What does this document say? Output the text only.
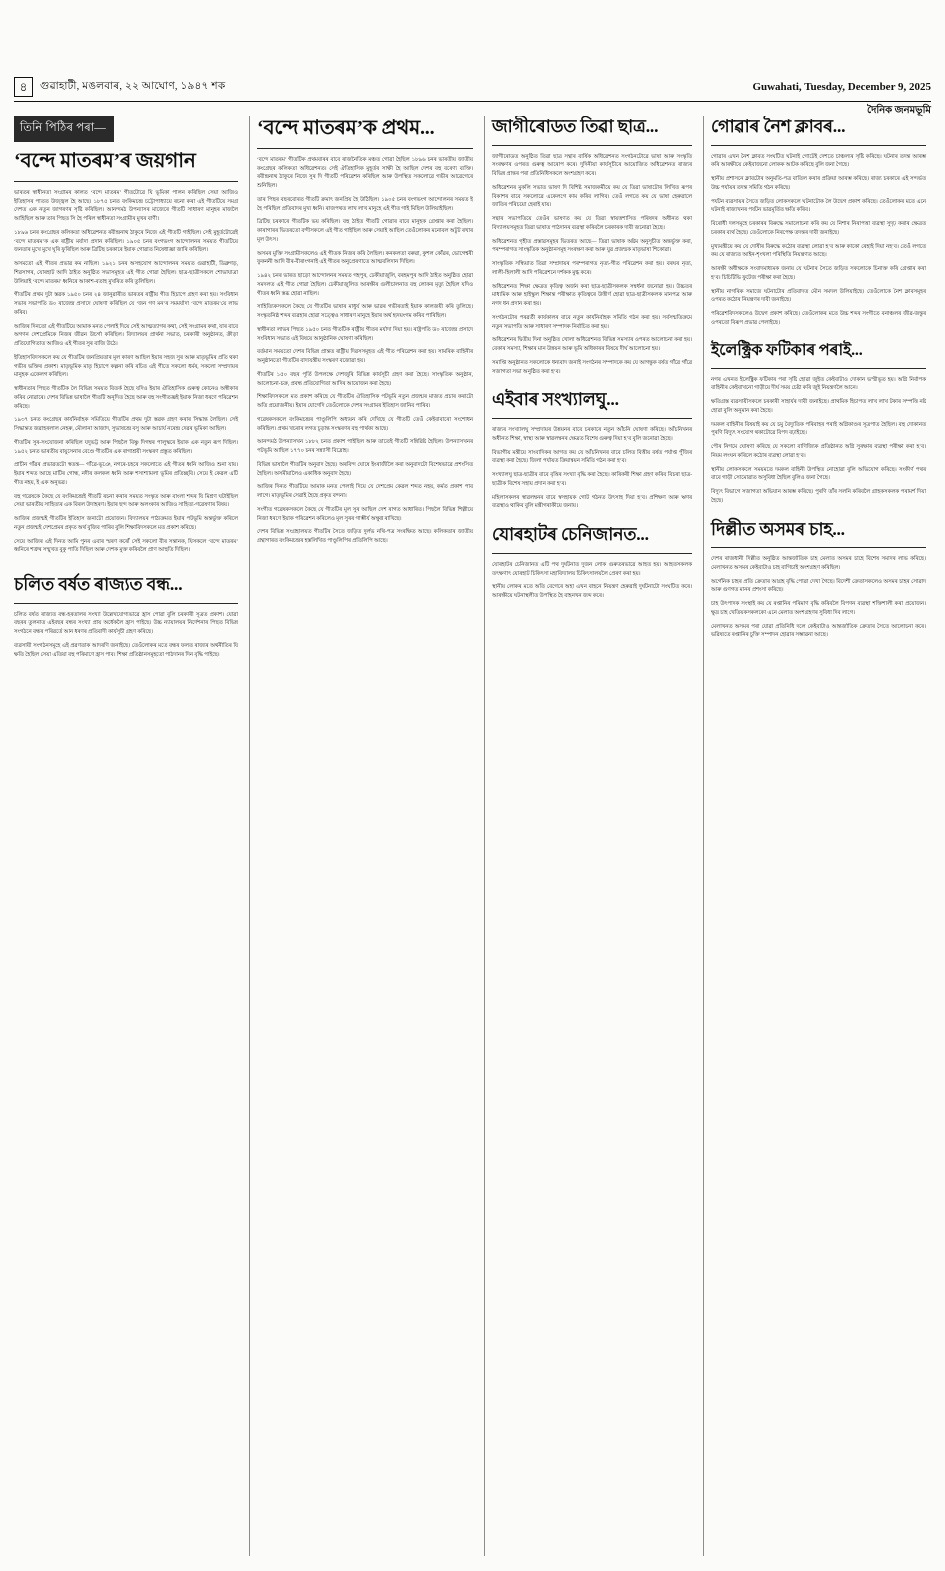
৪	গুৱাহাটী, মঙলবাৰ, ২২ আঘোণ, ১৯৪৭ শক	Guwahati, Tuesday, December 9, 2025
দৈনিক জনমভূমি
তিনি পিঠিৰ পৰা—
‘বন্দে মাতৰম’ৰ জয়গান

ভাৰতৰ স্বাধীনতা সংগ্ৰামৰ কালত ‘বন্দে মাতৰম’ গীতটোৱে যি ভূমিকা পালন কৰিছিল সেয়া আজিও ইতিহাসৰ পাতত উজ্জ্বল হৈ আছে। ১৮৭৫ চনত বংকিমচন্দ্ৰ চট্টোপাধ্যায়ে ৰচনা কৰা এই গীতটিয়ে সমগ্ৰ দেশত এক নতুন জাগৰণৰ সৃষ্টি কৰিছিল। আনন্দমঠ উপন্যাসৰ মাজেৰে গীতটি সাধাৰণ মানুহৰ মাজলৈ আহিছিল আৰু তাৰ পিছত সি হৈ পৰিল স্বাধীনতা সংগ্ৰামীৰ মুখৰ বাণী।

১৮৯৬ চনৰ কংগ্ৰেছৰ কলিকতা অধিৱেশনত ৰবীন্দ্ৰনাথ ঠাকুৰে নিজে এই গীতটি গাইছিল। সেই মুহূৰ্তটোৱেই ‘বন্দে মাতৰম’ক এক ৰাষ্ট্ৰীয় মৰ্যাদা প্ৰদান কৰিছিল। ১৯০৫ চনৰ বংগভংগ আন্দোলনৰ সময়ত গীতটিয়ে জনতাৰ মুখে মুখে ঘূৰি ফুৰিছিল আৰু ব্ৰিটিছ চৰকাৰে ইয়াক গোৱাত নিষেধাজ্ঞা জাৰি কৰিছিল।

অসমতো এই গীতৰ প্ৰভাৱ কম নাছিল। ১৯২১ চনৰ অসহযোগ আন্দোলনৰ সময়ত গুৱাহাটী, ডিব্ৰুগড়, শিৱসাগৰ, যোৰহাট আদি ঠাইত অনুষ্ঠিত সভাসমূহত এই গীত গোৱা হৈছিল। ছাত্ৰ-ছাত্ৰীসকলে শোভাযাত্ৰা উলিয়াই ‘বন্দে মাতৰম’ ধ্বনিৰে আকাশ-বতাহ মুখৰিত কৰি তুলিছিল।

গীতটিৰ প্ৰথম দুটা স্তৱক ১৯৫০ চনৰ ২৪ জানুৱাৰীত ভাৰতৰ ৰাষ্ট্ৰীয় গীত হিচাপে গ্ৰহণ কৰা হয়। সংবিধান সভাৰ সভাপতি ড০ ৰাজেন্দ্ৰ প্ৰসাদে ঘোষণা কৰিছিল যে ‘জন গণ মন’ৰ সমমৰ্যাদা ‘বন্দে মাতৰম’য়ে লাভ কৰিব।

আজিৰ দিনতো এই গীতটিয়ে আমাক মনত পেলাই দিয়ে সেই আত্মত্যাগৰ কথা, সেই সংগ্ৰামৰ কথা, যাৰ বাবে অগণন দেশপ্ৰেমিকে নিজৰ জীৱন উচৰ্গা কৰিছিল। বিদ্যালয়ৰ প্ৰাৰ্থনা সভাত, চৰকাৰী অনুষ্ঠানত, ক্ৰীড়া প্ৰতিযোগিতাত আজিও এই গীতৰ সুৰ বাজি উঠে।

ইতিহাসবিদসকলে কয় যে গীতটিৰ জনপ্ৰিয়তাৰ মূল কাৰণ আছিল ইয়াৰ সহজ সুৰ আৰু মাতৃভূমিৰ প্ৰতি থকা গভীৰ ভক্তিৰ প্ৰকাশ। মাতৃভূমিক মাতৃ হিচাপে কল্পনা কৰি ৰচিত এই গীতে সকলো ধৰ্মৰ, সকলো সম্প্ৰদায়ৰ মানুহক একেলগ কৰিছিল।

স্বাধীনতাৰ পিছত গীতটিক লৈ বিভিন্ন সময়ত বিতৰ্ক হৈছে যদিও ইয়াৰ ঐতিহাসিক গুৰুত্ব কোনেও অস্বীকাৰ কৰিব নোৱাৰে। দেশৰ বিভিন্ন ভাষালৈ গীতটি অনূদিত হৈছে আৰু বহু সংগীতজ্ঞই ইয়াক নিজা ধৰণে পৰিৱেশন কৰিছে।

১৯৩৭ চনত কংগ্ৰেছৰ কাৰ্যনিৰ্বাহক সমিতিয়ে গীতটিৰ প্ৰথম দুটা স্তৱক গ্ৰহণ কৰাৰ সিদ্ধান্ত লৈছিল। সেই সিদ্ধান্তত জৱাহৰলাল নেহৰু, মৌলানা আজাদ, সুভাষচন্দ্ৰ বসু আৰু আচাৰ্য নৰেন্দ্ৰ দেৱৰ ভূমিকা আছিল।

গীতটিৰ সুৰ-সংযোজনা কৰিছিল যদুভট্ট আৰু পিছলৈ বিষ্ণু দিগম্বৰ পালুস্কৰে ইয়াক এক নতুন ৰূপ দিছিল। ১৯৫২ চনত ভাৰতীয় বায়ুসেনাৰ বেণ্ডে গীতটিৰ এক ৰাগাশ্ৰয়ী সংস্কৰণ প্ৰস্তুত কৰিছিল।

প্ৰাচীন গাঁৱৰ প্ৰভাৱতটো স্বতন্ত্ৰ— গাঁৱে-ভূঞে, নগৰে-চহৰে সকলোতে এই গীতৰ ধ্বনি আজিও শুনা যায়। ইয়াৰ শব্দত আছে মাটিৰ গোন্ধ, নদীৰ কলকল ধ্বনি আৰু শস্যশ্যামলা ভূমিৰ প্ৰতিচ্ছবি। সেয়ে ই কেৱল এটি গীত নহয়, ই এক অনুভৱ।

বহু গৱেষকে কৈছে যে বংকিমচন্দ্ৰই গীতটি ৰচনা কৰাৰ সময়ত সংস্কৃত আৰু বাংলা শব্দৰ যি মিশ্ৰণ ঘটাইছিল সেয়া ভাৰতীয় সাহিত্যৰ এক বিৰল উদাহৰণ। ইয়াৰ ছন্দ আৰু অলংকাৰ আজিও সাহিত্য-গৱেষণাৰ বিষয়।

আজিৰ প্ৰজন্মই গীতটিৰ ইতিহাস জনাটো প্ৰয়োজন। বিদ্যালয়ৰ পাঠ্যক্ৰমত ইয়াৰ পটভূমি অন্তৰ্ভুক্ত কৰিলে নতুন প্ৰজন্মই দেশপ্ৰেমৰ প্ৰকৃত অৰ্থ বুজিব পাৰিব বুলি শিক্ষাবিদসকলে মত প্ৰকাশ কৰিছে।

সেয়ে আজিৰ এই দিনত আমি পুনৰ এবাৰ স্মৰণ কৰোঁ সেই সকলো বীৰ সন্তানক, যিসকলে ‘বন্দে মাতৰম’ ধ্বনিৰে শত্ৰুৰ সন্মুখত বুকু পাতি দিছিল আৰু দেশক মুক্ত কৰিবলৈ প্ৰাণ আহুতি দিছিল।

চলিত বৰ্ষত ৰাজ্যত বন্ধ...

চলিত বৰ্ষত ৰাজ্যত বন্ধ-হৰতালৰ সংখ্যা উল্লেখযোগ্যভাৱে হ্ৰাস পোৱা বুলি চৰকাৰী সূত্ৰত প্ৰকাশ। যোৱা বছৰৰ তুলনাত এইবছৰ বন্ধৰ সংখ্যা প্ৰায় অৰ্ধেকলৈ হ্ৰাস পাইছে। উচ্চ ন্যায়ালয়ৰ নিৰ্দেশনাৰ পিছত বিভিন্ন সংগঠনে বন্ধৰ পৰিৱৰ্তে আন ধৰণৰ প্ৰতিবাদী কাৰ্যসূচী গ্ৰহণ কৰিছে।

ব্যৱসায়ী সংগঠনসমূহে এই প্ৰৱণতাক আদৰণি জনাইছে। তেওঁলোকৰ মতে বন্ধৰ ফলত ৰাজ্যৰ অৰ্থনীতিৰ যি ক্ষতি হৈছিল সেয়া এতিয়া বহু পৰিমাণে হ্ৰাস পাব। শিক্ষা প্ৰতিষ্ঠানসমূহতো পাঠদানৰ দিন বৃদ্ধি পাইছে।

‘বন্দে মাতৰম’ক প্ৰথম...

‘বন্দে মাতৰম’ গীতটিক প্ৰথমবাৰৰ বাবে ৰাজনৈতিক মঞ্চত গোৱা হৈছিল ১৮৯৬ চনৰ ভাৰতীয় জাতীয় কংগ্ৰেছৰ কলিকতা অধিৱেশনত। সেই ঐতিহাসিক মুহূৰ্তৰ সাক্ষী হৈ আছিল দেশৰ বহু বৰেণ্য ব্যক্তি। ৰবীন্দ্ৰনাথ ঠাকুৰে নিজে সুৰ দি গীতটি পৰিৱেশন কৰিছিল আৰু উপস্থিত সকলোৱে গভীৰ আৱেগেৰে শুনিছিল।

তাৰ পিছৰ বছৰবোৰত গীতটি ক্ৰমাৎ জনপ্ৰিয় হৈ উঠিছিল। ১৯০৫ চনৰ বংগভংগ আন্দোলনৰ সময়ত ই হৈ পৰিছিল প্ৰতিবাদৰ মুখ্য ধ্বনি। ৰাজপথত লাখ লাখ মানুহে এই গীত গাই মিছিল উলিয়াইছিল।

ব্ৰিটিছ চৰকাৰে গীতটিক ভয় কৰিছিল। বহু ঠাইত গীতটি গোৱাৰ বাবে মানুহক গ্ৰেপ্তাৰ কৰা হৈছিল। কাৰাগাৰৰ ভিতৰতো বন্দীসকলে এই গীত গাইছিল আৰু সেয়াই আছিল তেওঁলোকৰ মনোবল অটুট ৰখাৰ মূল উৎস।

অসমৰ মুক্তি সংগ্ৰামীসকলেও এই গীতক নিজৰ কৰি লৈছিল। কনকলতা বৰুৱা, কুশল কোঁৱৰ, ভোগেশ্বৰী ফুকননী আদি বীৰ-বীৰাংগনাই এই গীতৰ অনুপ্ৰেৰণাতে আত্মবলিদান দিছিল।

১৯৪২ চনৰ ভাৰত ছাড়ো আন্দোলনৰ সময়ত গহপুৰ, ঢেকীয়াজুলি, বৰহমপুৰ আদি ঠাইত অনুষ্ঠিত হোৱা সমদলত এই গীত গোৱা হৈছিল। ঢেকীয়াজুলিত আৰক্ষীৰ গুলীচালনাত বহু লোকৰ মৃত্যু হৈছিল যদিও গীতৰ ধ্বনি স্তব্ধ হোৱা নাছিল।

সাহিত্যিকসকলে কৈছে যে গীতটিৰ ভাষাৰ মাধুৰ্য আৰু ভাৱৰ গভীৰতাই ইয়াক কালজয়ী কৰি তুলিছে। সংস্কৃতনিষ্ঠ শব্দৰ ব্যৱহাৰ হোৱা সত্ত্বেও সাধাৰণ মানুহে ইয়াৰ অৰ্থ হৃদয়ংগম কৰিব পাৰিছিল।

স্বাধীনতা লাভৰ পিছত ১৯৫০ চনত গীতটিক ৰাষ্ট্ৰীয় গীতৰ মৰ্যাদা দিয়া হয়। ৰাষ্ট্ৰপতি ড০ ৰাজেন্দ্ৰ প্ৰসাদে সংবিধান সভাত এই বিষয়ে আনুষ্ঠানিক ঘোষণা কৰিছিল।

বৰ্তমান সময়তো দেশৰ বিভিন্ন প্ৰান্তত ৰাষ্ট্ৰীয় দিৱসসমূহত এই গীত পৰিৱেশন কৰা হয়। সামৰিক বাহিনীৰ অনুষ্ঠানতো গীতটিৰ বাদ্যযন্ত্ৰীয় সংস্কৰণ বজোৱা হয়।

গীতটিৰ ১৫০ বছৰ পূৰ্তি উপলক্ষে দেশজুৰি বিভিন্ন কাৰ্যসূচী গ্ৰহণ কৰা হৈছে। সাংস্কৃতিক অনুষ্ঠান, আলোচনা-চক্ৰ, প্ৰবন্ধ প্ৰতিযোগিতা আদিৰ আয়োজন কৰা হৈছে।

শিক্ষাবিদসকলে মত প্ৰকাশ কৰিছে যে গীতটিৰ ঐতিহাসিক পটভূমি নতুন প্ৰজন্মৰ মাজত প্ৰচাৰ কৰাটো অতি প্ৰয়োজনীয়। ইয়াৰ যোগেদি তেওঁলোকে দেশৰ সংগ্ৰামৰ ইতিহাস জানিব পাৰিব।

গৱেষকসকলে বংকিমচন্দ্ৰৰ পাণ্ডুলিপি অধ্যয়ন কৰি দেখিছে যে গীতটি তেওঁ কেইবাবাৰো সংশোধন কৰিছিল। প্ৰথম খচৰাৰ লগত চূড়ান্ত সংস্কৰণৰ বহু পাৰ্থক্য আছে।

আনন্দমঠ উপন্যাসখন ১৮৮২ চনত প্ৰকাশ পাইছিল আৰু তাতেই গীতটি সন্নিৱিষ্ট হৈছিল। উপন্যাসখনৰ পটভূমি আছিল ১৭৭০ চনৰ সন্ন্যাসী বিদ্ৰোহ।

বিভিন্ন ভাষালৈ গীতটিৰ অনুবাদ হৈছে। অৰবিন্দ ঘোষে ইংৰাজীলৈ কৰা অনুবাদটো বিশেষভাৱে প্ৰশংসিত হৈছিল। অসমীয়ালৈও একাধিক অনুবাদ হৈছে।

আজিৰ দিনত গীতটিয়ে আমাক মনত পেলাই দিয়ে যে দেশপ্ৰেম কেৱল শব্দত নহয়, কৰ্মত প্ৰকাশ পাব লাগে। মাতৃভূমিৰ সেৱাই হৈছে প্ৰকৃত বন্দনা।

সংগীত গৱেষকসকলে কৈছে যে গীতটিৰ মূল সুৰ আছিল দেশ ৰাগত আধাৰিত। পিছলৈ বিভিন্ন শিল্পীয়ে নিজা ধৰণে ইয়াক পৰিৱেশন কৰিলেও মূল সুৰৰ গাম্ভীৰ্য অক্ষুণ্ণ ৰাখিছে।

দেশৰ বিভিন্ন সংগ্ৰহালয়ত গীতটিৰ সৈতে জড়িত দুৰ্লভ নথি-পত্ৰ সংৰক্ষিত আছে। কলিকতাৰ জাতীয় গ্ৰন্থাগাৰত বংকিমচন্দ্ৰৰ হস্তলিখিত পাণ্ডুলিপিৰ প্ৰতিলিপি আছে।

জাগীৰোডত তিৱা ছাত্ৰ...

জাগীৰোডত অনুষ্ঠিত তিৱা ছাত্ৰ সন্থাৰ বাৰ্ষিক অধিৱেশনত সংগঠনটোৱে ভাষা আৰু সংস্কৃতি সংৰক্ষণৰ ওপৰত গুৰুত্ব আৰোপ কৰে। দুদিনীয়া কাৰ্যসূচীৰে আয়োজিত অধিৱেশনত ৰাজ্যৰ বিভিন্ন প্ৰান্তৰ পৰা প্ৰতিনিধিসকলে অংশগ্ৰহণ কৰে।

অধিৱেশনৰ মুকলি সভাত ভাষণ দি বিশিষ্ট সমাজকৰ্মীয়ে কয় যে তিৱা ভাষাটোৰ লিখিত ৰূপৰ বিকাশৰ বাবে সকলোৱে একেলগে কাম কৰিব লাগিব। তেওঁ লগতে কয় যে ভাষা হেৰুৱালে জাতিৰ পৰিচয়ো হেৰাই যায়।

সন্থাৰ সভাপতিয়ে তেওঁৰ ভাষণত কয় যে তিৱা স্বায়ত্তশাসিত পৰিষদৰ অধীনত থকা বিদ্যালয়সমূহত তিৱা ভাষাত পাঠদানৰ ব্যৱস্থা কৰিবলৈ চৰকাৰক দাবী জনোৱা হৈছে।

অধিৱেশনত গৃহীত প্ৰস্তাৱসমূহৰ ভিতৰত আছে— তিৱা ভাষাক অষ্টম অনুসূচীত অন্তৰ্ভুক্ত কৰা, পৰম্পৰাগত সাংস্কৃতিক অনুষ্ঠানসমূহ সংৰক্ষণ কৰা আৰু যুৱ প্ৰজন্মক মাতৃভাষা শিকোৱা।

সাংস্কৃতিক সন্ধিয়াত তিৱা সম্প্ৰদায়ৰ পৰম্পৰাগত নৃত্য-গীত পৰিৱেশন কৰা হয়। বৰঘৰ নৃত্য, লালী-হিলালী আদি পৰিৱেশনে দৰ্শকক মুগ্ধ কৰে।

অধিৱেশনত শিক্ষা ক্ষেত্ৰত কৃতিত্ব অৰ্জন কৰা ছাত্ৰ-ছাত্ৰীসকলক সম্বৰ্ধনা জনোৱা হয়। উচ্চতৰ মাধ্যমিক আৰু হাইস্কুল শিক্ষান্ত পৰীক্ষাত কৃতিত্বৰে উত্তীৰ্ণ হোৱা ছাত্ৰ-ছাত্ৰীসকলক মানপত্ৰ আৰু নগদ ধন প্ৰদান কৰা হয়।

সংগঠনটোৰ পৰৱৰ্তী কাৰ্যকালৰ বাবে নতুন কাৰ্যনিৰ্বাহক সমিতি গঠন কৰা হয়। সৰ্বসন্মতিক্ৰমে নতুন সভাপতি আৰু সাধাৰণ সম্পাদক নিৰ্বাচিত কৰা হয়।

অধিৱেশনৰ দ্বিতীয় দিনা অনুষ্ঠিত খোলা অধিৱেশনত বিভিন্ন সমস্যাৰ ওপৰত আলোচনা কৰা হয়। বেকাৰ সমস্যা, শিক্ষাৰ মান উন্নয়ন আৰু ভূমি অধিকাৰৰ বিষয়ে দীৰ্ঘ আলোচনা হয়।

সমাপ্তি অনুষ্ঠানত সকলোকে ধন্যবাদ জনাই সংগঠনৰ সম্পাদকে কয় যে আগন্তুক বৰ্ষত গাঁৱে গাঁৱে সজাগতা সভা অনুষ্ঠিত কৰা হ’ব।

এইবাৰ সংখ্যালঘু...

ৰাজ্যৰ সংখ্যালঘু সম্প্ৰদায়ৰ উন্নয়নৰ বাবে চৰকাৰে নতুন আঁচনি ঘোষণা কৰিছে। আঁচনিখনৰ অধীনত শিক্ষা, স্বাস্থ্য আৰু স্বাৱলম্বনৰ ক্ষেত্ৰত বিশেষ গুৰুত্ব দিয়া হ’ব বুলি জনোৱা হৈছে।

বিভাগীয় মন্ত্ৰীয়ে সাংবাদিকৰ আগত কয় যে আঁচনিখনৰ বাবে চলিত বিত্তীয় বৰ্ষত পৰ্যাপ্ত পুঁজিৰ ব্যৱস্থা কৰা হৈছে। জিলা পৰ্যায়ত ক্ৰিয়ান্বয়ন সমিতি গঠন কৰা হ’ব।

সংখ্যালঘু ছাত্ৰ-ছাত্ৰীৰ বাবে বৃত্তিৰ সংখ্যা বৃদ্ধি কৰা হৈছে। কাৰিকৰী শিক্ষা গ্ৰহণ কৰিব বিচৰা ছাত্ৰ-ছাত্ৰীক বিশেষ সহায় প্ৰদান কৰা হ’ব।

মহিলাসকলৰ স্বাৱলম্বনৰ বাবে স্বসহায়ক গোট গঠনত উৎসাহ দিয়া হ’ব। প্ৰশিক্ষণ আৰু ঋণৰ ব্যৱস্থাও থাকিব বুলি মন্ত্ৰীগৰাকীয়ে জনায়।

যোৰহাটৰ চেনিজানত...

যোৰহাটৰ চেনিজানত এটি পথ দুৰ্ঘটনাত দুজন লোক গুৰুতৰভাৱে আহত হয়। আহতসকলক তৎক্ষণাৎ যোৰহাট চিকিৎসা মহাবিদ্যালয় চিকিৎসালয়লৈ প্ৰেৰণ কৰা হয়।

স্থানীয় লোকৰ মতে অতি বেগেৰে অহা এখন বাহনে নিয়ন্ত্ৰণ হেৰুৱাই দুৰ্ঘটনাটো সংঘটিত কৰে। আৰক্ষীয়ে ঘটনাস্থলীত উপস্থিত হৈ বাহনখন জব্দ কৰে।

গোৱাৰ নৈশ ক্লাবৰ...

গোৱাৰ এখন নৈশ ক্লাবত সংঘটিত ঘটনাই গোটেই দেশতে চাঞ্চল্যৰ সৃষ্টি কৰিছে। ঘটনাৰ তদন্ত আৰম্ভ কৰি আৰক্ষীয়ে কেইবাজনো লোকক আটক কৰিছে বুলি জনা গৈছে।

স্থানীয় প্ৰশাসনে ক্লাবটোৰ অনুমতি-পত্ৰ বাতিল কৰাৰ প্ৰক্ৰিয়া আৰম্ভ কৰিছে। ৰাজ্য চৰকাৰে এই সন্দৰ্ভত উচ্চ পৰ্যায়ৰ তদন্ত সমিতি গঠন কৰিছে।

পৰ্যটন ব্যৱসায়ৰ সৈতে জড়িত লোকসকলে ঘটনাটোক লৈ উদ্বেগ প্ৰকাশ কৰিছে। তেওঁলোকৰ মতে এনে ঘটনাই ৰাজ্যখনৰ পৰ্যটন ভাৱমূৰ্তিত ক্ষতি কৰিব।

বিৰোধী দলসমূহে চৰকাৰৰ বিৰুদ্ধে সমালোচনা কৰি কয় যে নিশাৰ নিৰাপত্তা ব্যৱস্থা সুদৃঢ় কৰাৰ ক্ষেত্ৰত চৰকাৰ ব্যৰ্থ হৈছে। তেওঁলোকে নিৰপেক্ষ তদন্তৰ দাবী জনাইছে।

মুখ্যমন্ত্ৰীয়ে কয় যে দোষীৰ বিৰুদ্ধে কঠোৰ ব্যৱস্থা লোৱা হ’ব আৰু কাকো ৰেহাই দিয়া নহ’ব। তেওঁ লগতে কয় যে ৰাজ্যত আইন-শৃংখলা পৰিস্থিতি নিয়ন্ত্ৰণত আছে।

আৰক্ষী অধীক্ষকে সংবাদমাধ্যমক জনায় যে ঘটনাৰ সৈতে জড়িত সকলোকে চিনাক্ত কৰি গ্ৰেপ্তাৰ কৰা হ’ব। চিচিটিভি ফুটেজ পৰীক্ষা কৰা হৈছে।

স্থানীয় নাগৰিক সমাজে ঘটনাটোৰ প্ৰতিবাদত মৌন সমদল উলিয়াইছে। তেওঁলোকে নৈশ ক্লাবসমূহৰ ওপৰত কঠোৰ নিয়ন্ত্ৰণৰ দাবী জনাইছে।

পৰিৱেশবিদসকলেও উদ্বেগ প্ৰকাশ কৰিছে। তেওঁলোকৰ মতে উচ্চ শব্দৰ সংগীতে বনাঞ্চলৰ জীৱ-জন্তুৰ ওপৰতো বিৰূপ প্ৰভাৱ পেলাইছে।

ইলেক্ট্ৰিক ফটিকাৰ পৰাই...

নগৰ এখনত ইলেক্ট্ৰিক ফটিকাৰ পৰা সৃষ্টি হোৱা জুইত কেইবাটাও দোকান ভস্মীভূত হয়। অগ্নি নিৰ্বাপক বাহিনীৰ কেইবাখনো গাড়ীয়ে দীৰ্ঘ সময় চেষ্টা কৰি জুই নিয়ন্ত্ৰণলৈ আনে।

ক্ষতিগ্ৰস্ত ব্যৱসায়ীসকলে চৰকাৰী সাহাৰ্যৰ দাবী জনাইছে। প্ৰাথমিক হিচাপত লাখ লাখ টকাৰ সম্পত্তি নষ্ট হোৱা বুলি অনুমান কৰা হৈছে।

দমকল বাহিনীৰ বিষয়াই কয় যে চমু বৈদ্যুতিক পৰিবাহৰ পৰাই অগ্নিকাণ্ডৰ সূত্ৰপাত হৈছিল। বহু দোকানত পুৰণি বিদ্যুৎ সংযোগ থকাটোৱে বিপদ বঢ়াইছে।

পৌৰ নিগমে ঘোষণা কৰিছে যে সকলো বাণিজ্যিক প্ৰতিষ্ঠানত অগ্নি সুৰক্ষাৰ ব্যৱস্থা পৰীক্ষা কৰা হ’ব। নিয়ম লংঘন কৰিলে কঠোৰ ব্যৱস্থা লোৱা হ’ব।

স্থানীয় লোকসকলে সময়মতে দমকল বাহিনী উপস্থিত নোহোৱা বুলি অভিযোগ কৰিছে। সংকীৰ্ণ পথৰ বাবে গাড়ী সোমোৱাত অসুবিধা হৈছিল বুলিও জনা গৈছে।

বিদ্যুৎ বিভাগে সজাগতা অভিযান আৰম্ভ কৰিছে। পুৰণি তাঁৰ সলনি কৰিবলৈ গ্ৰাহকসকলক পৰামৰ্শ দিয়া হৈছে।

দিল্লীত অসমৰ চাহ...

দেশৰ ৰাজধানী দিল্লীত অনুষ্ঠিত আন্তৰ্জাতিক চাহ মেলাত অসমৰ চাহে বিশেষ সমাদৰ লাভ কৰিছে। মেলাখনত অসমৰ কেইবাটাও চাহ বাগিচাই অংশগ্ৰহণ কৰিছিল।

অৰ্গেনিক চাহৰ প্ৰতি ক্ৰেতাৰ আগ্ৰহ বৃদ্ধি পোৱা দেখা গৈছে। বিদেশী ক্ৰেতাসকলেও অসমৰ চাহৰ সোৱাদ আৰু গুণগত মানৰ প্ৰশংসা কৰিছে।

চাহ উৎপাদক সংস্থাই কয় যে ৰপ্তানিৰ পৰিমাণ বৃদ্ধি কৰিবলৈ বিপণন ব্যৱস্থা শক্তিশালী কৰা প্ৰয়োজন। ক্ষুদ্ৰ চাহ খেতিয়কসকলকো এনে মেলাত অংশগ্ৰহণৰ সুবিধা দিব লাগে।

মেলাখনত অসমৰ পৰা যোৱা প্ৰতিনিধি দলে কেইবাটাও আন্তৰ্জাতিক ক্ৰেতাৰ সৈতে আলোচনা কৰে। ভৱিষ্যতে ৰপ্তানিৰ চুক্তি সম্পাদন হোৱাৰ সম্ভাৱনা আছে।
